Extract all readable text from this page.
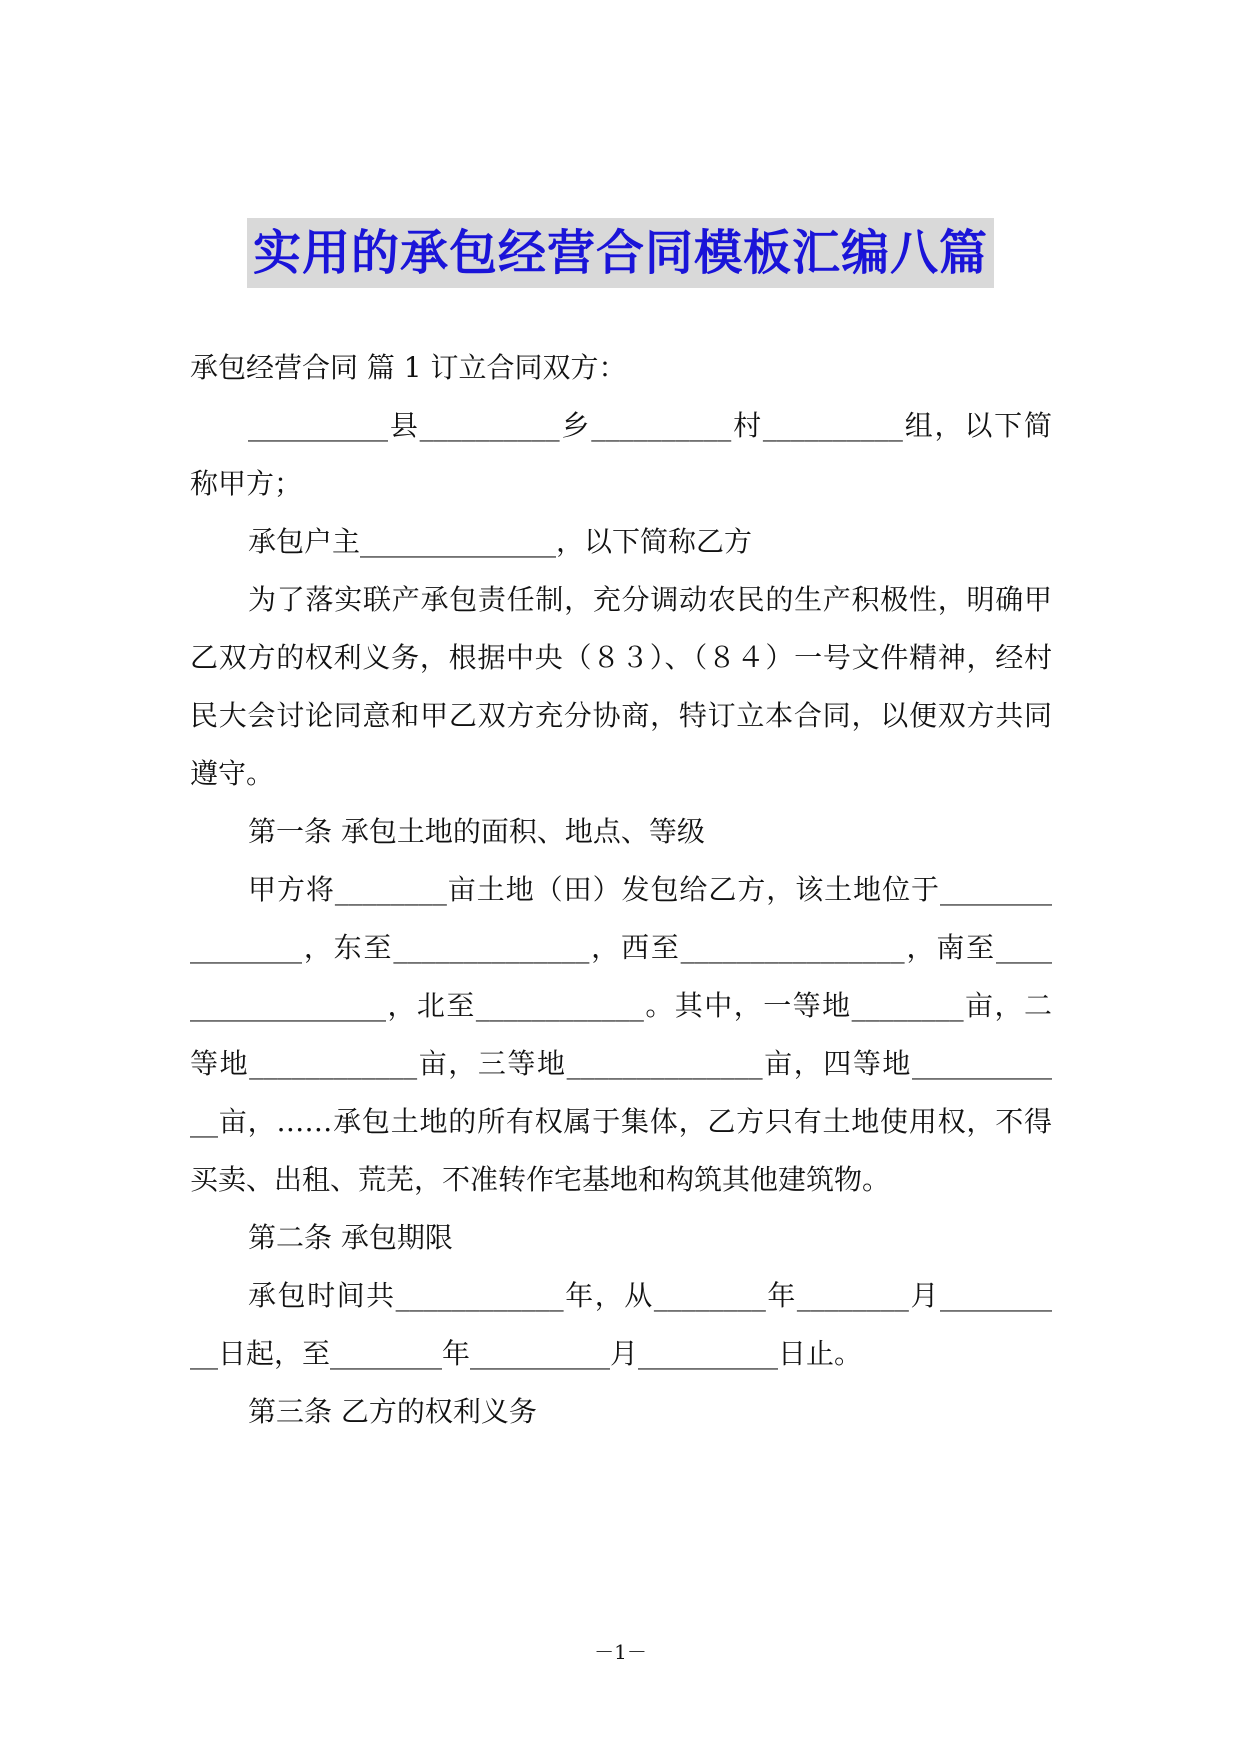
实用的承包经营合同模板汇编八篇
承包经营合同 篇 1 订立合同双方：
__________县__________乡__________村__________组，以下简
称甲方；
承包户主______________，以下简称乙方
为了落实联产承包责任制，充分调动农民的生产积极性，明确甲
乙双方的权利义务，根据中央（８３）、（８４）一号文件精神，经村
民大会讨论同意和甲乙双方充分协商，特订立本合同，以便双方共同
遵守。
第一条 承包土地的面积、地点、等级
甲方将________亩土地（田）发包给乙方，该土地位于________
________，东至______________，西至________________，南至____
______________，北至____________。其中，一等地________亩，二
等地____________亩，三等地______________亩，四等地__________
__亩，……承包土地的所有权属于集体，乙方只有土地使用权，不得
买卖、出租、荒芜，不准转作宅基地和构筑其他建筑物。
第二条 承包期限
承包时间共____________年，从________年________月________
__日起，至________年__________月__________日止。
第三条 乙方的权利义务
－1－
